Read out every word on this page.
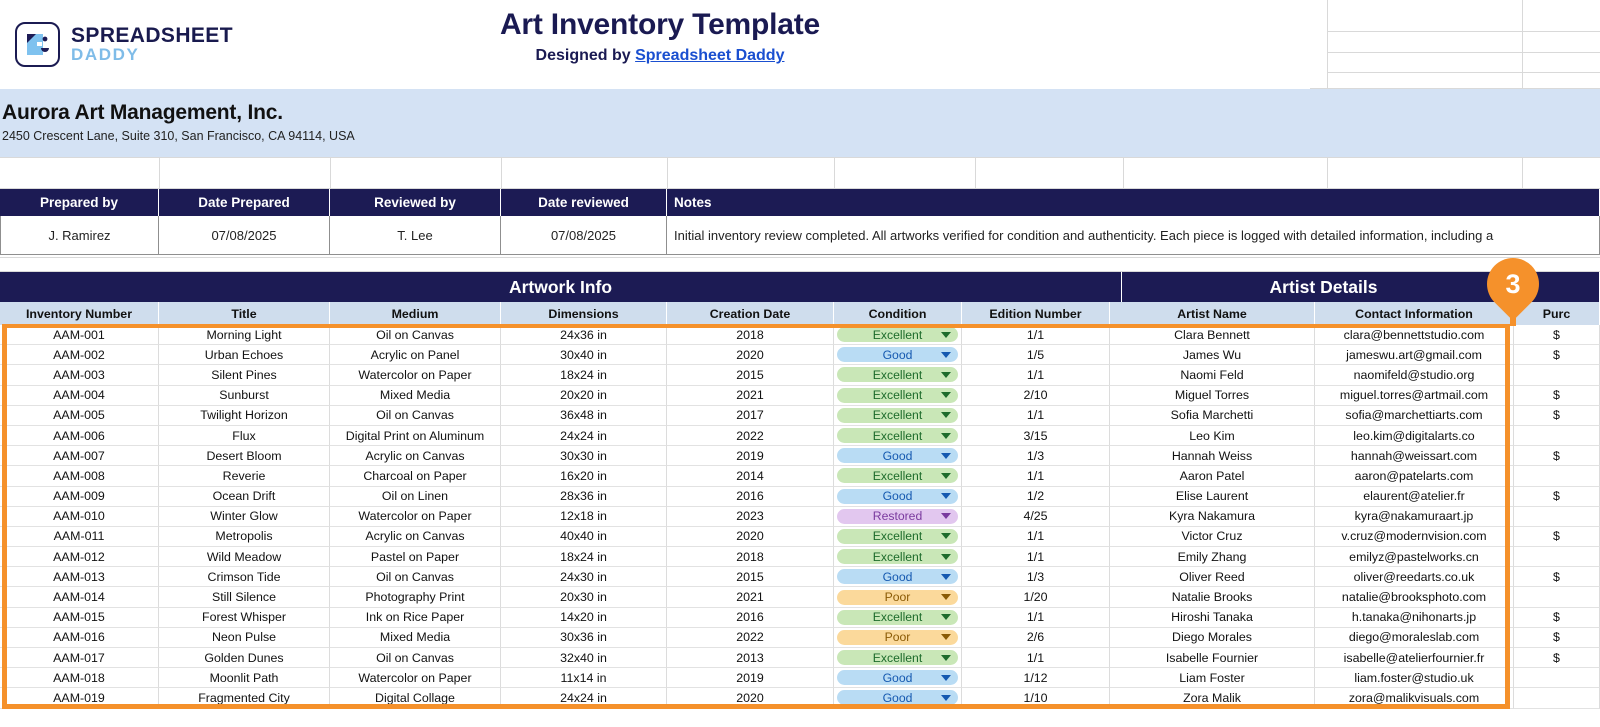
SPREADSHEET
DADDY
Art Inventory Template
Designed by Spreadsheet Daddy
Aurora Art Management, Inc.
2450 Crescent Lane, Suite 310, San Francisco, CA 94114, USA
Prepared by	Date Prepared	Reviewed by	Date reviewed	Notes
J. Ramirez	07/08/2025	T. Lee	07/08/2025	Initial inventory review completed. All artworks verified for condition and authenticity. Each piece is logged with detailed information, including a
Artwork Info	Artist Details
Inventory Number	Title	Medium	Dimensions	Creation Date	Condition	Edition Number	Artist Name	Contact Information	Purc
AAM-001	Morning Light	Oil on Canvas	24x36 in	2018	Excellent	1/1	Clara Bennett	clara@bennettstudio.com	$
AAM-002	Urban Echoes	Acrylic on Panel	30x40 in	2020	Good	1/5	James Wu	jameswu.art@gmail.com	$
AAM-003	Silent Pines	Watercolor on Paper	18x24 in	2015	Excellent	1/1	Naomi Feld	naomifeld@studio.org
AAM-004	Sunburst	Mixed Media	20x20 in	2021	Excellent	2/10	Miguel Torres	miguel.torres@artmail.com	$
AAM-005	Twilight Horizon	Oil on Canvas	36x48 in	2017	Excellent	1/1	Sofia Marchetti	sofia@marchettiarts.com	$
AAM-006	Flux	Digital Print on Aluminum	24x24 in	2022	Excellent	3/15	Leo Kim	leo.kim@digitalarts.co
AAM-007	Desert Bloom	Acrylic on Canvas	30x30 in	2019	Good	1/3	Hannah Weiss	hannah@weissart.com	$
AAM-008	Reverie	Charcoal on Paper	16x20 in	2014	Excellent	1/1	Aaron Patel	aaron@patelarts.com
AAM-009	Ocean Drift	Oil on Linen	28x36 in	2016	Good	1/2	Elise Laurent	elaurent@atelier.fr	$
AAM-010	Winter Glow	Watercolor on Paper	12x18 in	2023	Restored	4/25	Kyra Nakamura	kyra@nakamuraart.jp
AAM-011	Metropolis	Acrylic on Canvas	40x40 in	2020	Excellent	1/1	Victor Cruz	v.cruz@modernvision.com	$
AAM-012	Wild Meadow	Pastel on Paper	18x24 in	2018	Excellent	1/1	Emily Zhang	emilyz@pastelworks.cn
AAM-013	Crimson Tide	Oil on Canvas	24x30 in	2015	Good	1/3	Oliver Reed	oliver@reedarts.co.uk	$
AAM-014	Still Silence	Photography Print	20x30 in	2021	Poor	1/20	Natalie Brooks	natalie@brooksphoto.com
AAM-015	Forest Whisper	Ink on Rice Paper	14x20 in	2016	Excellent	1/1	Hiroshi Tanaka	h.tanaka@nihonarts.jp	$
AAM-016	Neon Pulse	Mixed Media	30x36 in	2022	Poor	2/6	Diego Morales	diego@moraleslab.com	$
AAM-017	Golden Dunes	Oil on Canvas	32x40 in	2013	Excellent	1/1	Isabelle Fournier	isabelle@atelierfournier.fr	$
AAM-018	Moonlit Path	Watercolor on Paper	11x14 in	2019	Good	1/12	Liam Foster	liam.foster@studio.uk
AAM-019	Fragmented City	Digital Collage	24x24 in	2020	Good	1/10	Zora Malik	zora@malikvisuals.com
3
